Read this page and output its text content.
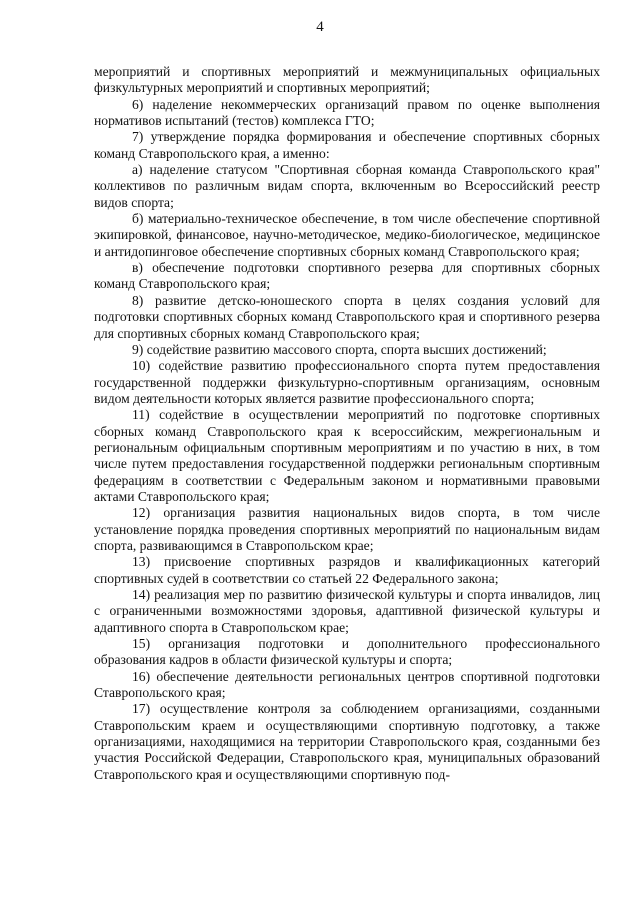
4

мероприятий и спортивных мероприятий и межмуниципальных официальных физкультурных мероприятий и спортивных мероприятий;

6) наделение некоммерческих организаций правом по оценке выполнения нормативов испытаний (тестов) комплекса ГТО;

7) утверждение порядка формирования и обеспечение спортивных сборных команд Ставропольского края, а именно:

а) наделение статусом "Спортивная сборная команда Ставропольского края" коллективов по различным видам спорта, включенным во Всероссийский реестр видов спорта;

б) материально-техническое обеспечение, в том числе обеспечение спортивной экипировкой, финансовое, научно-методическое, медико-биологическое, медицинское и антидопинговое обеспечение спортивных сборных команд Ставропольского края;

в) обеспечение подготовки спортивного резерва для спортивных сборных команд Ставропольского края;

8) развитие детско-юношеского спорта в целях создания условий для подготовки спортивных сборных команд Ставропольского края и спортивного резерва для спортивных сборных команд Ставропольского края;

9) содействие развитию массового спорта, спорта высших достижений;

10) содействие развитию профессионального спорта путем предоставления государственной поддержки физкультурно-спортивным организациям, основным видом деятельности которых является развитие профессионального спорта;

11) содействие в осуществлении мероприятий по подготовке спортивных сборных команд Ставропольского края к всероссийским, межрегиональным и региональным официальным спортивным мероприятиям и по участию в них, в том числе путем предоставления государственной поддержки региональным спортивным федерациям в соответствии с Федеральным законом и нормативными правовыми актами Ставропольского края;

12) организация развития национальных видов спорта, в том числе установление порядка проведения спортивных мероприятий по национальным видам спорта, развивающимся в Ставропольском крае;

13) присвоение спортивных разрядов и квалификационных категорий спортивных судей в соответствии со статьей 22 Федерального закона;

14) реализация мер по развитию физической культуры и спорта инвалидов, лиц с ограниченными возможностями здоровья, адаптивной физической культуры и адаптивного спорта в Ставропольском крае;

15) организация подготовки и дополнительного профессионального образования кадров в области физической культуры и спорта;

16) обеспечение деятельности региональных центров спортивной подготовки Ставропольского края;

17) осуществление контроля за соблюдением организациями, созданными Ставропольским краем и осуществляющими спортивную подготовку, а также организациями, находящимися на территории Ставропольского края, созданными без участия Российской Федерации, Ставропольского края, муниципальных образований Ставропольского края и осуществляющими спортивную под-
